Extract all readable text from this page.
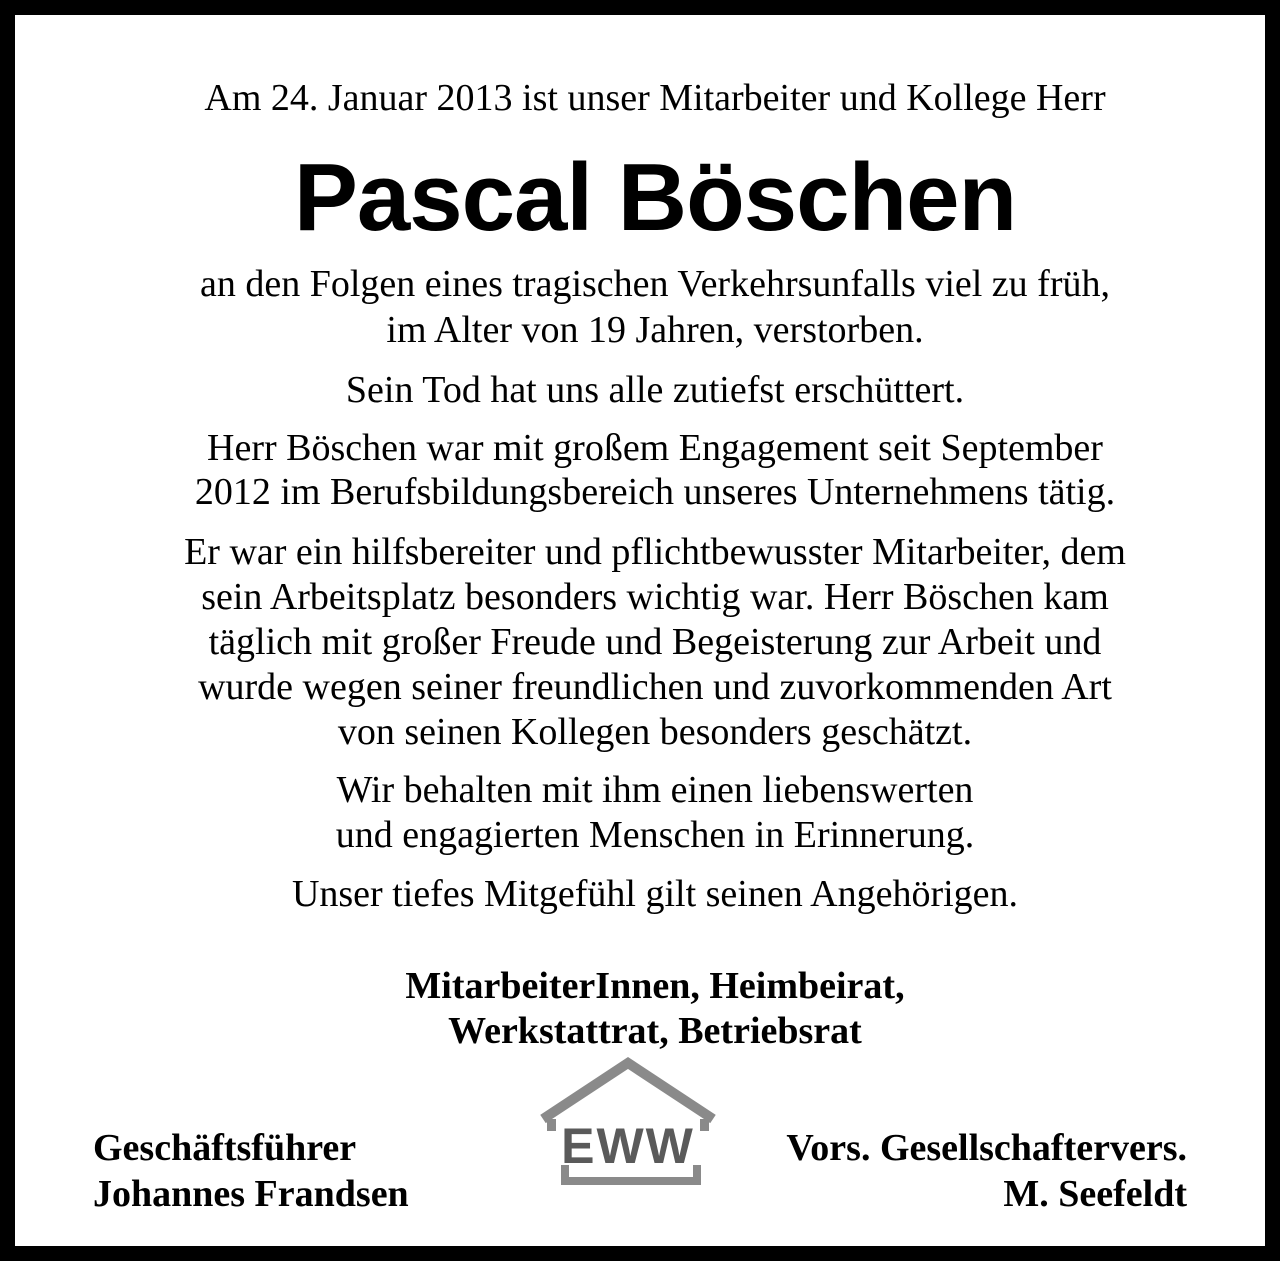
Am 24. Januar 2013 ist unser Mitarbeiter und Kollege Herr
Pascal Böschen
an den Folgen eines tragischen Verkehrsunfalls viel zu früh,
im Alter von 19 Jahren, verstorben.
Sein Tod hat uns alle zutiefst erschüttert.
Herr Böschen war mit großem Engagement seit September
2012 im Berufsbildungsbereich unseres Unternehmens tätig.
Er war ein hilfsbereiter und pflichtbewusster Mitarbeiter, dem
sein Arbeitsplatz besonders wichtig war. Herr Böschen kam
täglich mit großer Freude und Begeisterung zur Arbeit und
wurde wegen seiner freundlichen und zuvorkommenden Art
von seinen Kollegen besonders geschätzt.
Wir behalten mit ihm einen liebenswerten
und engagierten Menschen in Erinnerung.
Unser tiefes Mitgefühl gilt seinen Angehörigen.
MitarbeiterInnen, Heimbeirat,
Werkstattrat, Betriebsrat
Geschäftsführer
Johannes Frandsen
EWW Vors. Gesellschaftervers.
M. Seefeldt
